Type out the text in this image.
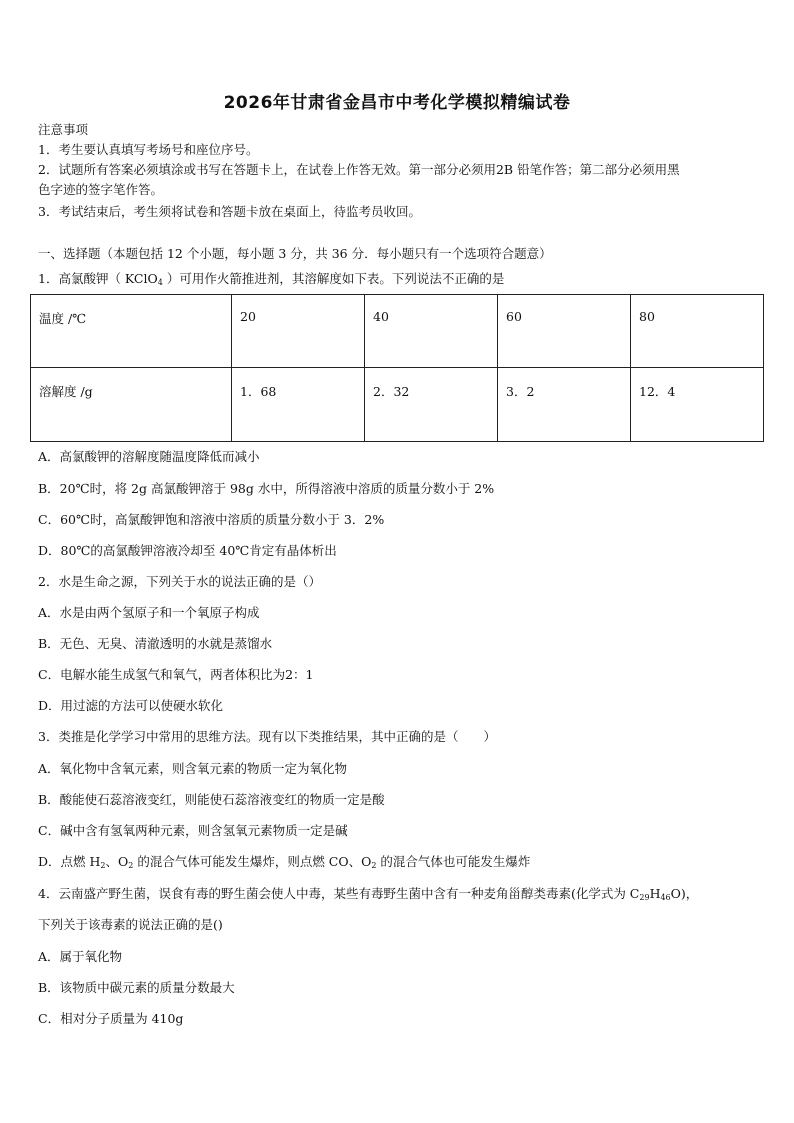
2026年甘肃省金昌市中考化学模拟精编试卷
注意事项
1．考生要认真填写考场号和座位序号。
2．试题所有答案必须填涂或书写在答题卡上，在试卷上作答无效。第一部分必须用2B 铅笔作答；第二部分必须用黑
色字迹的签字笔作答。
3．考试结束后，考生须将试卷和答题卡放在桌面上，待监考员收回。
一、选择题（本题包括 12 个小题，每小题 3 分，共 36 分．每小题只有一个选项符合题意）
1．高氯酸钾（ KClO$_4$ ）可用作火箭推进剂，其溶解度如下表。下列说法不正确的是
温度 /℃	20	40	60	80
溶解度 /g	1．68	2．32	3．2	12．4
A．高氯酸钾的溶解度随温度降低而减小
B．20℃时，将 2g 高氯酸钾溶于 98g 水中，所得溶液中溶质的质量分数小于 2%
C．60℃时，高氯酸钾饱和溶液中溶质的质量分数小于 3．2%
D．80℃的高氯酸钾溶液冷却至 40℃肯定有晶体析出
2．水是生命之源，下列关于水的说法正确的是（）
A．水是由两个氢原子和一个氧原子构成
B．无色、无臭、清澈透明的水就是蒸馏水
C．电解水能生成氢气和氧气，两者体积比为2：1
D．用过滤的方法可以使硬水软化
3．类推是化学学习中常用的思维方法。现有以下类推结果，其中正确的是（　　）
A．氧化物中含氧元素，则含氧元素的物质一定为氧化物
B．酸能使石蕊溶液变红，则能使石蕊溶液变红的物质一定是酸
C．碱中含有氢氧两种元素，则含氢氧元素物质一定是碱
D．点燃 $H_2$、$O_2$ 的混合气体可能发生爆炸，则点燃 CO、$O_2$ 的混合气体也可能发生爆炸
4．云南盛产野生菌，误食有毒的野生菌会使人中毒，某些有毒野生菌中含有一种麦角甾醇类毒素(化学式为 $C_{29}H_{46}O$)，
下列关于该毒素的说法正确的是()
A．属于氧化物
B．该物质中碳元素的质量分数最大
C．相对分子质量为 410g
